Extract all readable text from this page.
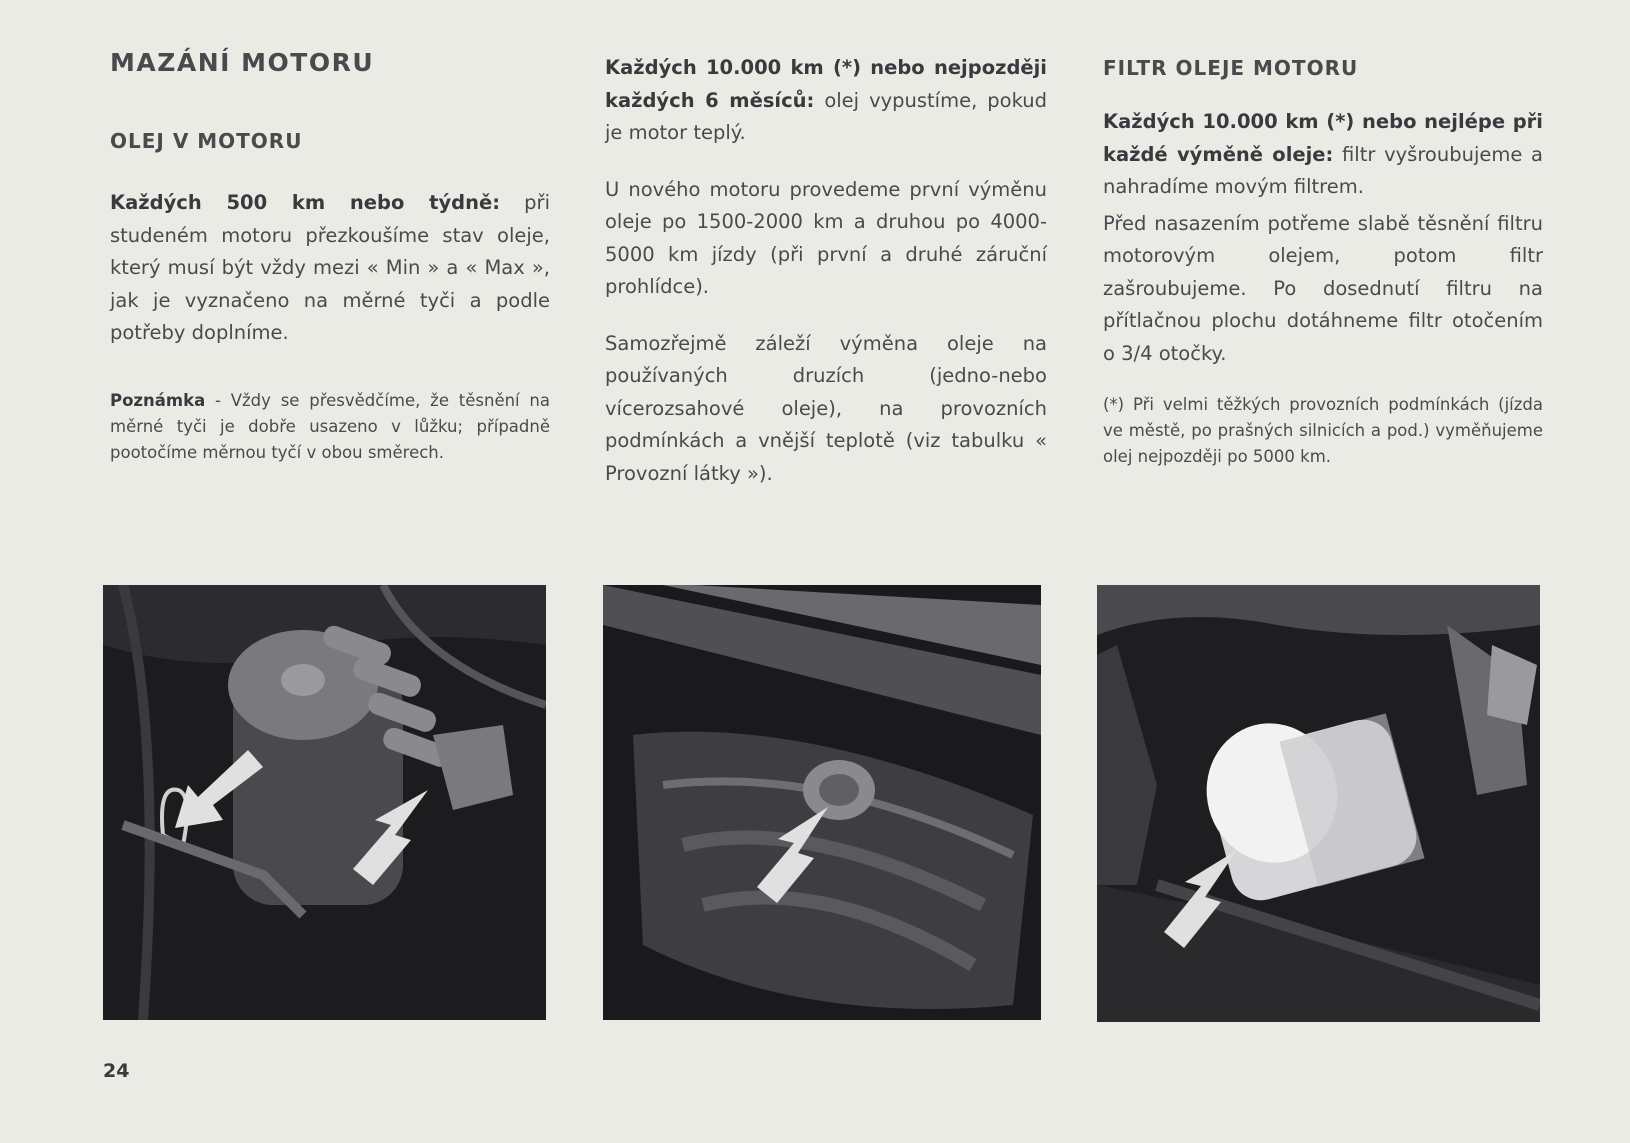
MAZÁNÍ MOTORU
OLEJ V MOTORU

Každých 500 km nebo týdně: při studeném motoru přezkoušíme stav oleje, který musí být vždy mezi « Min » a « Max », jak je vyznačeno na měrné tyči a podle potřeby doplníme.

Poznámka - Vždy se přesvědčíme, že těsnění na měrné tyči je dobře usazeno v lůžku; případně pootočíme měrnou tyčí v obou směrech.

Každých 10.000 km (*) nebo nejpozději každých 6 měsíců: olej vypustíme, pokud je motor teplý.

U nového motoru provedeme první výměnu oleje po 1500-2000 km a druhou po 4000-5000 km jízdy (při první a druhé záruční prohlídce).

Samozřejmě záleží výměna oleje na používaných druzích (jedno-nebo vícerozsahové oleje), na provozních podmínkách a vnější teplotě (viz tabulku « Provozní látky »).

FILTR OLEJE MOTORU

Každých 10.000 km (*) nebo nejlépe při každé výměně oleje: filtr vyšroubujeme a nahradíme movým filtrem.

Před nasazením potřeme slabě těsnění filtru motorovým olejem, potom filtr zašroubujeme. Po dosednutí filtru na přítlačnou plochu dotáhneme filtr otočením o 3/4 otočky.

(*) Při velmi těžkých provozních podmínkách (jízda ve městě, po prašných silnicích a pod.) vyměňujeme olej nejpozději po 5000 km.

24
